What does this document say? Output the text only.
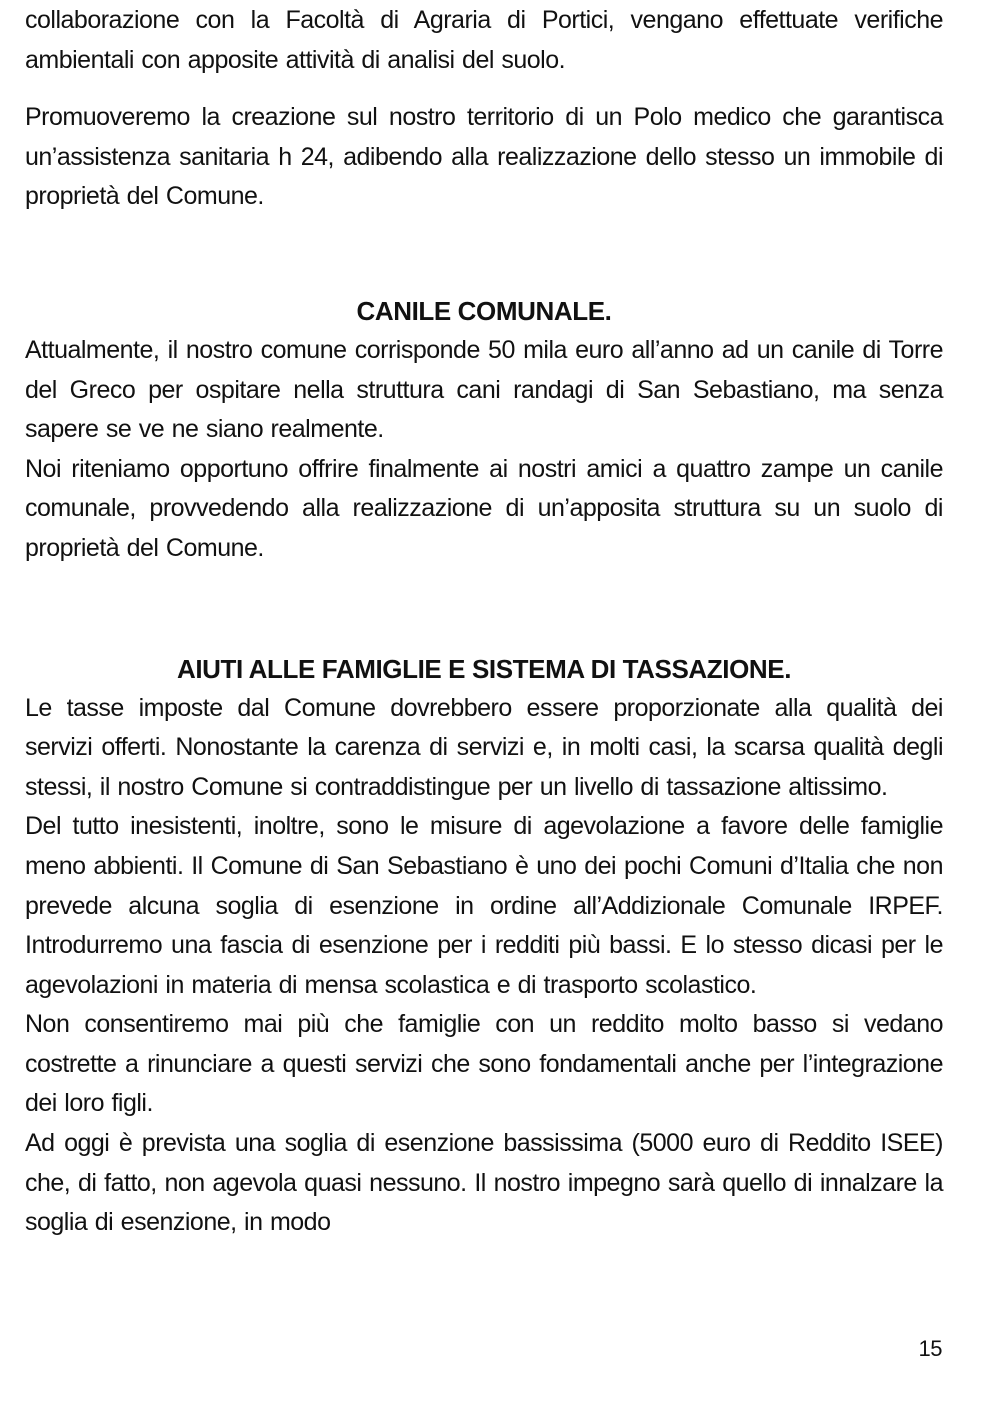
collaborazione con la Facoltà di Agraria di Portici, vengano effettuate verifiche ambientali con apposite attività di analisi del suolo.

Promuoveremo la creazione sul nostro territorio di un Polo medico che garantisca un’assistenza sanitaria h 24, adibendo alla realizzazione dello stesso un immobile di proprietà del Comune.

CANILE COMUNALE.

Attualmente, il nostro comune corrisponde 50 mila euro all’anno ad un canile di Torre del Greco per ospitare nella struttura cani randagi di San Sebastiano, ma senza sapere se ve ne siano realmente.

Noi riteniamo opportuno offrire finalmente ai nostri amici a quattro zampe un canile comunale, provvedendo alla realizzazione di un’apposita struttura su un suolo di proprietà del Comune.

AIUTI ALLE FAMIGLIE E SISTEMA DI TASSAZIONE.

Le tasse imposte dal Comune dovrebbero essere proporzionate alla qualità dei servizi offerti. Nonostante la carenza di servizi e, in molti casi, la scarsa qualità degli stessi, il nostro Comune si contraddistingue per un livello di tassazione altissimo.

Del tutto inesistenti, inoltre, sono le misure di agevolazione a favore delle famiglie meno abbienti. Il Comune di San Sebastiano è uno dei pochi Comuni d’Italia che non prevede alcuna soglia di esenzione in ordine all’Addizionale Comunale IRPEF. Introdurremo una fascia di esenzione per i redditi più bassi. E lo stesso dicasi per le agevolazioni in materia di mensa scolastica e di trasporto scolastico.

Non consentiremo mai più che famiglie con un reddito molto basso si vedano costrette a rinunciare a questi servizi che sono fondamentali anche per l’integrazione dei loro figli.

Ad oggi è prevista una soglia di esenzione bassissima (5000 euro di Reddito ISEE) che, di fatto, non agevola quasi nessuno. Il nostro impegno sarà quello di innalzare la soglia di esenzione, in modo

15
